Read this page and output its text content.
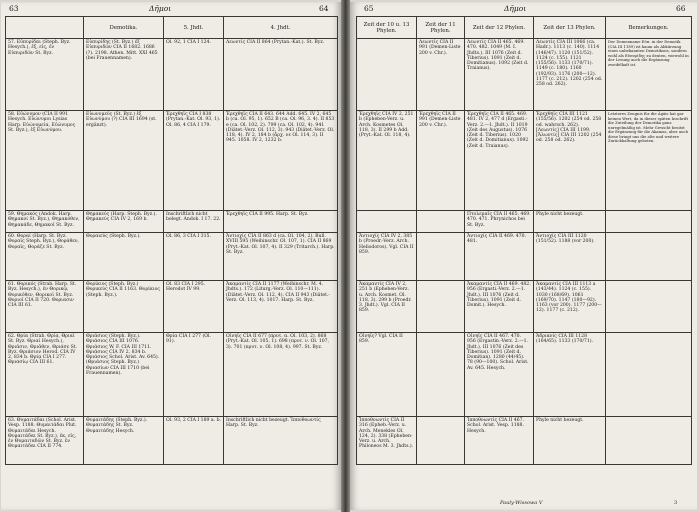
63	Δῆμοι	64
	Demotika.	5. Jhdt.	4. Jhdt.
57. Εὐπυρίδαι (Steph. Byz. Hesych.), ἐξ, εἰς, ἐν Εὐπυριδῶν St. Byz.	Εὐπυρίδης (St. Byz.) ἐξ Εὐπυριδῶν CIA II 1682. 1686 (?). 2198. Athen. Mitt. XXI 465 (bei Frauennamen).	Ol. 92, 1 CIA I 124.	Λεωντίς CIA II 864 (Prytan.-Kat.). St. Byz.
58. Εὐώνυμον (CIA II 991 Hesych. Εὐώνυμοι Lysias Harp. Εὐώνυμεία, Εὐώνυμος St. Byz.), ἐξ Εὐωνύμου.	Εὐωνυμεύς (St. Byz.) ἐξ Εὐωνύμου (?) CIA III 1694 (st. ergänzt).	Ἐρεχθηΐς CIA I 838 (Prytan.-Kat. Ol. 93, 1). Ol. 86, 4 CIA I 179.	Ἐρεχθηΐς CIA II 643. 644 Add. 645. IV 2, 645 b (ca. Ol. 95, 1). 652 B (ca. Ol. 96, 3. 4). II 853 e (ca. Ol. 102, 2). 799 (ca. Ol. 102, 4). 941 (Diätet.-Verz. Ol. 112, 3). 943 (Diätet.-Verz. Ol. 118, 4). IV 2, 184 b (ἄρχ. νε Ol. 114, 3). II 945. 1058. IV 2, 1232 b.
59. Θημακός (Andok. Harp. Θημακοί St. Byz.), Θημακόθεν, Θημακάδε, Θημακοῖ St. Byz.	Θημακεύς (Harp. Steph. Byz.). Θημακεύς CIA IV 2, 169 b.	Inschriftlich nicht belegt. Andok. I 17. 22.	Ἐρεχθηΐς CIA II 995. Harp. St. Byz.
60. Θοραί (Harp. St. Byz. Θοραῖς Steph. Byz.), Θοράθεν, Θοραῖς, Θοράζε St. Byz.	Θοραιεύς (Steph. Byz.).	Ol. 86, 3 CIA I 315.	Ἀντιοχίς CIA II 863 d (ca. Ol. 104, 2). Bull. XVIII 595 (Weihinschr. Ol. 107, 1). CIA II 869 (Pryt.-Kat. Ol. 107, 4). II 329 (Tritarch.). Harp. St. Byz.
61. Θορικός (Strab. Harp. St. Byz. Hesych.), ἐν Θορικῷ, Θορικόθεν, Θορικοῖ St. Byz. Θοριοῖ CIA II 720. Θοριασιν CIA III 61.	Θορίκιος (Steph. Byz.) Θορικεύς CIA II 1163. Θορίκιος (Steph. Byz.).	Ol. 83 CIA I 295. Herodot IV 99.	Ἀκαμαντίς CIA II 1177 (Weihinschr. M. 4. Jhdts.). 172 (Liturg.-Verz. Ol. 110—111). (Diätet.-Verz. Ol. 112, 4). CIA II 943 (Diätet.-Verz. Ol. 113, 4). 1017. Harp. St. Byz.
62. Θρία (Strab. Θρία, Θριαί St. Byz. Θριαί Hesych.), Θριᾶσιν, Θριᾶθεν, Θριάσε St. Byz. Θριάσιον Herod. CIA IV 2, 834 b. Θρίᾳ CIA I 277. Θριασίῳ CIA III 61.	Θριάσιος (Steph. Byz.). Θριάσιος CIA III 1076. Θριάσιος W. F. CIA III 1711. Θριάσιος CIA IV 2, 834 b. Θριάσιος Schol. Arist. Av. 645). (Θριάσιος Steph. Byz.) Θριασίων CIA III 1710 (bei Frauennamen).	Θρία CIA I 277 (Ol. 91).	Οἰνηΐς CIA II 677 (πρυτ. α. Ol. 103, 2). 868 (Pryt.-Kat. Ol. 105, 1). 698 (πρυτ. ν. Ol. 107, 3). 701 (πρυτ. ν. Ol. 108, 4). 997. St. Byz.
63. Θυμαιτάδαι (Schol. Arist. Vesp. 1188. Θυμαιτάδαι Plut. Θυμαιτάδαι Hesych. Θυμαιτάδαι St. Byz.), ἐκ, εἰς, ἐν Θυμαιταδῶν St. Byz. ἐν Θυμαιτάδαι CIA II 774.	Θυμαιτάδης (Steph. Byz.). Θυμαιτάδης St. Byz. Θυμαιτάδης Hesych.	Ol. 93, 2 CIA I 189 a. b.	Inschriftlich nicht bezeugt. Ἱπποθοωντίς Harp. St. Byz.
65	Δῆμοι	66
Zeit der 10 u. 13 Phylen.	Zeit der 11 Phylen.	Zeit der 12 Phylen.	Zeit der 13 Phylen.	Bemerkungen.
	Λεωντίς CIA II 991 (Demen-Liste 200 v. Chr.).	Λεωντίς CIA II 465. 469. 470. 482. 1049 (M. I. Jhdts.). III 1076 (Zeit d. Tiberius). 1091 (Zeit d. Domitianus). 1092 (Zeit d. Traianus).	Λεωντίς CIA III 1066 (ca. Hadr.). 1113 (c. 140). 1114 (146/47). 1120 (151/52). 1124 (c. 155). 1121 (155/56). 1133 (170/71). 1149 (c. 180). 1160 (192/93). 1176 (200—12). 1177 (c. 212). 1202 (254 od. 258 od. 262).	Der Demenname Εὐπ. in der Demotik (CIA III 1189) ist kaum als Abkürzung eines unbekannten Demotikons, sondern wohl als Εὐπυρίδης zu deuten, wiewohl in der Lesung auch die Ergänzung zweifelhaft ist.
Ἐρεχθηΐς CIA IV 2, 251 b (Epheben-Verz. u. Arch. Kosmetes Ol. 118, 3). II 299 b Add. (Pryt.-Kat. Ol. 118, 4).	Ἐρεχθηΐς CIA II 991 (Demen-Liste 200 v. Chr.).	Ἐρεχθηΐς CIA II 465. 469. 481. IV 2, 477 d (Ergasti.-Verz. 2.—1. Jhdt.). II 1019 (Zeit des Augustus). 1076 (Zeit d. Tiberius). 1020 (Zeit d. Domitianus). 1092 (Zeit d. Traianus).	Ἐρεχθηΐς CIA III 1121 (155/56). 1202 (254 od. 258 od. wahrsch. 262). [Λεωντίς] CIA III 1199. [Ἀλωντίς] CIA III 1202 (254 od. 258 od. 262).	Letzteres Zeugnis für die Ägäis hat gar keinen Wert, da in dieser späten Inschrift die Zuteilung der Demotika ganz unregelmäßig ist. Mehr Gewicht besitzt die Ergänzung für die Akamas, aber auch diese bringt uns die alte und weitere Zurückhaltung geboten.
		Πτολεμαΐς CIA II 465. 469. 470. 471. Phrynichos bei St. Byz.	Phyle nicht bezeugt.	
Ἀντιοχίς CIA IV 2, 385 b (Proedr.-Verz. Arch. Heliodoros). Vgl. CIA II 859.		Ἀντιοχίς CIA II 469. 470. 481.	Ἀντιοχίς CIA III 1120 (151/52). 1188 (vor 200).	
Ἀκαμαντίς CIA IV 2, 251 b (Epheben-Verz. u. Arch. Kosmet. Ol. 118, 3). 299 b (Proedr. 3. Jhdt.). Vgl. CIA II 859.		Ἀκαμαντίς CIA II 469. 482. 956 (Ergasti.-Verz. 2.—1. Jhdt.). III 1076 (Zeit d. Tiberius). 1091 (Zeit d. Domit.). Hesych.	Ἀκαμαντίς CIA III 1113 a (143/44). 1124 (c. 155). 1030 (168/69). 1061 (169/70). 1147 (180—92). 1163 (vor 200). 1177 (200—12). 1177 (c. 212).	
Οἰνηΐς? Vgl. CIA II 859.		Οἰνηΐς CIA II 467. 470. 956 (Ergastin.-Verz. 2.—1. Jhdt.). III 1076 (Zeit des Tiberius). 1091 (Zeit d. Domitian). 1280 (44/45). 78 (90—100). Schol. Arist. Av. 645. Hesych.	Ἀδριανίς CIA III 1128 (164/65). 1133 (170/71).	
Ἱπποθοωντίς CIA II 316 (Epheb.-Verz. u. Arch. Menekles Ol. 124, 2). 338 (Epheben-Verz. u. Arch. Philoneos M. 3. Jhdts.).		Ἱπποθοωντίς CIA II 467. Schol. Arist. Vesp. 1188. Hesych.	Phyle nicht bezeugt.	
Pauly-Wissowa V	3
